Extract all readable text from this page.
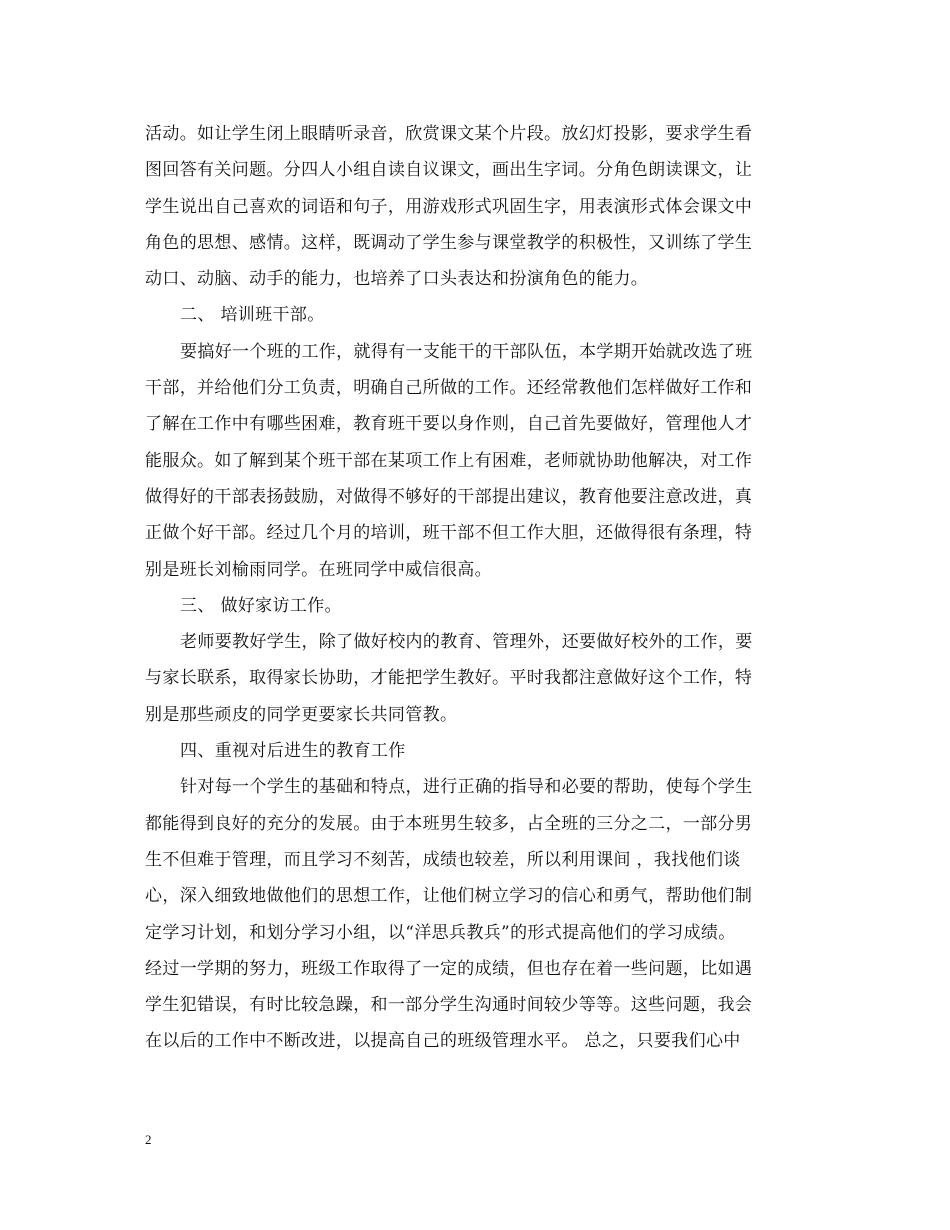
活动。如让学生闭上眼睛听录音，欣赏课文某个片段。放幻灯投影，要求学生看
图回答有关问题。分四人小组自读自议课文，画出生字词。分角色朗读课文，让
学生说出自己喜欢的词语和句子，用游戏形式巩固生字，用表演形式体会课文中
角色的思想、感情。这样，既调动了学生参与课堂教学的积极性，又训练了学生
动口、动脑、动手的能力，也培养了口头表达和扮演角色的能力。
二、 培训班干部。
要搞好一个班的工作，就得有一支能干的干部队伍，本学期开始就改选了班
干部，并给他们分工负责，明确自己所做的工作。还经常教他们怎样做好工作和
了解在工作中有哪些困难，教育班干要以身作则，自己首先要做好，管理他人才
能服众。如了解到某个班干部在某项工作上有困难，老师就协助他解决，对工作
做得好的干部表扬鼓励，对做得不够好的干部提出建议，教育他要注意改进，真
正做个好干部。经过几个月的培训，班干部不但工作大胆，还做得很有条理，特
别是班长刘榆雨同学。在班同学中威信很高。
三、 做好家访工作。
老师要教好学生，除了做好校内的教育、管理外，还要做好校外的工作，要
与家长联系，取得家长协助，才能把学生教好。平时我都注意做好这个工作，特
别是那些顽皮的同学更要家长共同管教。
四、重视对后进生的教育工作
针对每一个学生的基础和特点，进行正确的指导和必要的帮助，使每个学生
都能得到良好的充分的发展。由于本班男生较多，占全班的三分之二，一部分男
生不但难于管理，而且学习不刻苦，成绩也较差，所以利用课间 ，我找他们谈
心，深入细致地做他们的思想工作，让他们树立学习的信心和勇气，帮助他们制
定学习计划，和划分学习小组，以“洋思兵教兵”的形式提高他们的学习成绩。
经过一学期的努力，班级工作取得了一定的成绩，但也存在着一些问题，比如遇
学生犯错误，有时比较急躁，和一部分学生沟通时间较少等等。这些问题，我会
在以后的工作中不断改进，以提高自己的班级管理水平。 总之，只要我们心中
2
